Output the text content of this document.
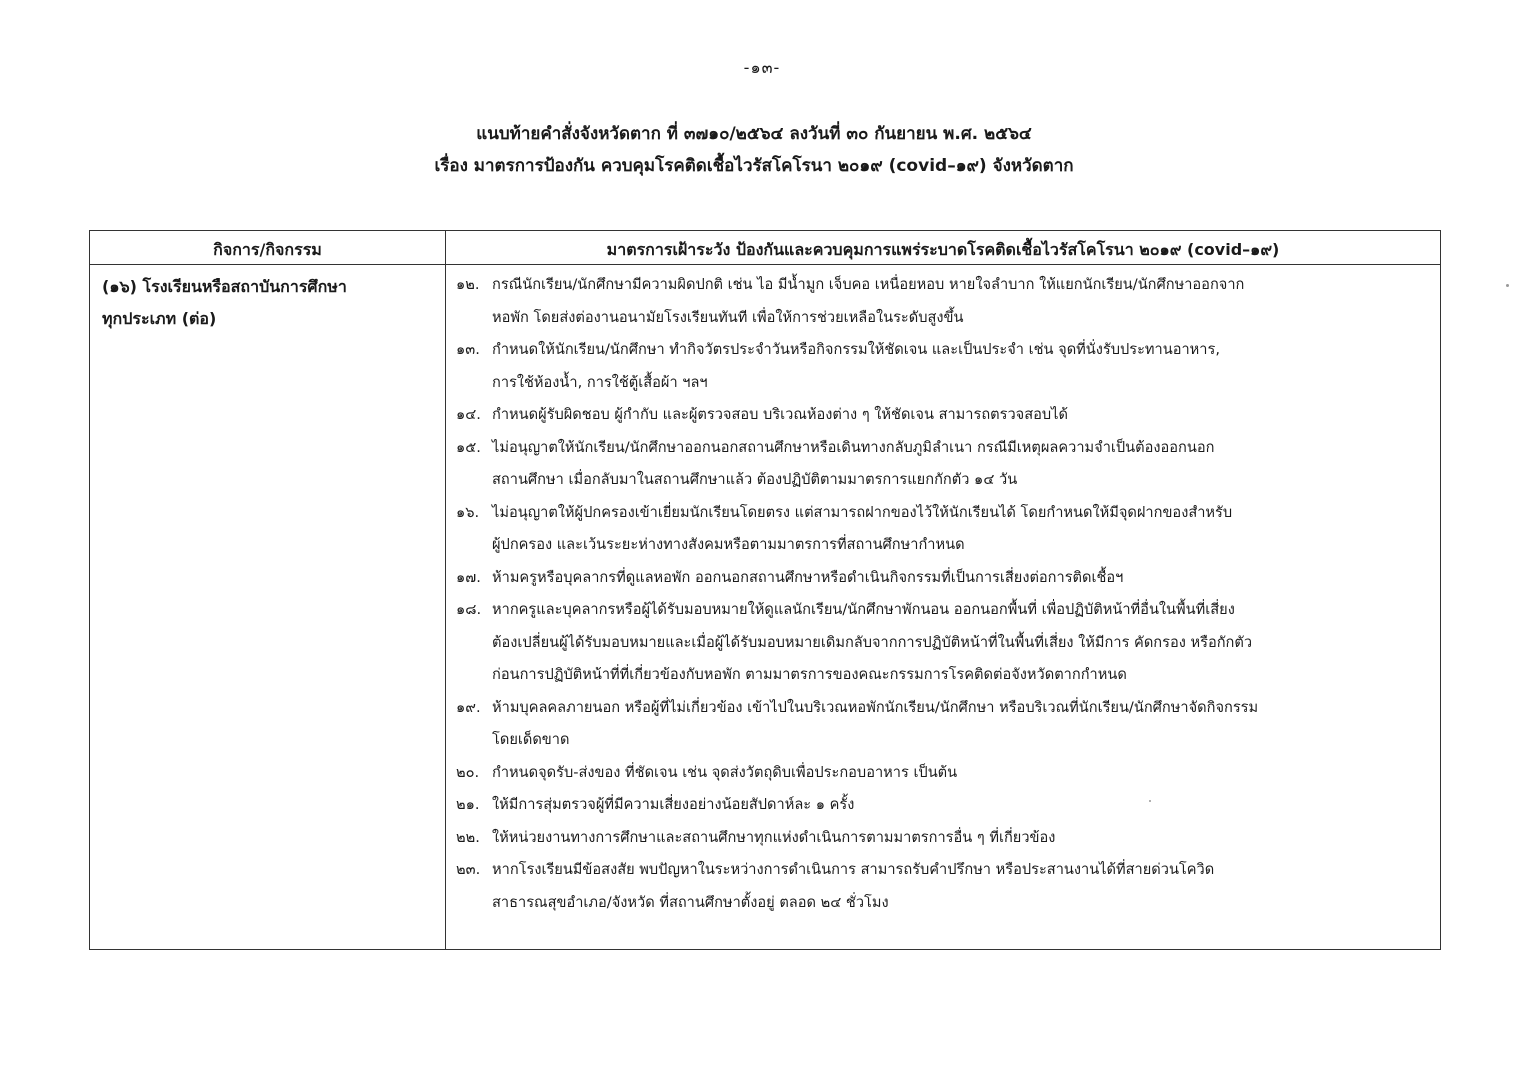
-๑๓-
แนบท้ายคำสั่งจังหวัดตาก ที่ ๓๗๑๐/๒๕๖๔ ลงวันที่ ๓๐ กันยายน พ.ศ. ๒๕๖๔
เรื่อง มาตรการป้องกัน ควบคุมโรคติดเชื้อไวรัสโคโรนา ๒๐๑๙ (covid–๑๙) จังหวัดตาก
กิจการ/กิจกรรม	มาตรการเฝ้าระวัง ป้องกันและควบคุมการแพร่ระบาดโรคติดเชื้อไวรัสโคโรนา ๒๐๑๙ (covid–๑๙)
(๑๖) โรงเรียนหรือสถาบันการศึกษา
ทุกประเภท (ต่อ)
๑๒. กรณีนักเรียน/นักศึกษามีความผิดปกติ เช่น ไอ มีน้ำมูก เจ็บคอ เหนื่อยหอบ หายใจลำบาก ให้แยกนักเรียน/นักศึกษาออกจาก
หอพัก โดยส่งต่องานอนามัยโรงเรียนทันที เพื่อให้การช่วยเหลือในระดับสูงขึ้น
๑๓. กำหนดให้นักเรียน/นักศึกษา ทำกิจวัตรประจำวันหรือกิจกรรมให้ชัดเจน และเป็นประจำ เช่น จุดที่นั่งรับประทานอาหาร,
การใช้ห้องน้ำ, การใช้ตู้เสื้อผ้า ฯลฯ
๑๔. กำหนดผู้รับผิดชอบ ผู้กำกับ และผู้ตรวจสอบ บริเวณห้องต่าง ๆ ให้ชัดเจน สามารถตรวจสอบได้
๑๕. ไม่อนุญาตให้นักเรียน/นักศึกษาออกนอกสถานศึกษาหรือเดินทางกลับภูมิลำเนา กรณีมีเหตุผลความจำเป็นต้องออกนอก
สถานศึกษา เมื่อกลับมาในสถานศึกษาแล้ว ต้องปฏิบัติตามมาตรการแยกกักตัว ๑๔ วัน
๑๖. ไม่อนุญาตให้ผู้ปกครองเข้าเยี่ยมนักเรียนโดยตรง แต่สามารถฝากของไว้ให้นักเรียนได้ โดยกำหนดให้มีจุดฝากของสำหรับ
ผู้ปกครอง และเว้นระยะห่างทางสังคมหรือตามมาตรการที่สถานศึกษากำหนด
๑๗. ห้ามครูหรือบุคลากรที่ดูแลหอพัก ออกนอกสถานศึกษาหรือดำเนินกิจกรรมที่เป็นการเสี่ยงต่อการติดเชื้อฯ
๑๘. หากครูและบุคลากรหรือผู้ได้รับมอบหมายให้ดูแลนักเรียน/นักศึกษาพักนอน ออกนอกพื้นที่ เพื่อปฏิบัติหน้าที่อื่นในพื้นที่เสี่ยง
ต้องเปลี่ยนผู้ได้รับมอบหมายและเมื่อผู้ได้รับมอบหมายเดิมกลับจากการปฏิบัติหน้าที่ในพื้นที่เสี่ยง ให้มีการ คัดกรอง หรือกักตัว
ก่อนการปฏิบัติหน้าที่ที่เกี่ยวข้องกับหอพัก ตามมาตรการของคณะกรรมการโรคติดต่อจังหวัดตากกำหนด
๑๙. ห้ามบุคลคลภายนอก หรือผู้ที่ไม่เกี่ยวข้อง เข้าไปในบริเวณหอพักนักเรียน/นักศึกษา หรือบริเวณที่นักเรียน/นักศึกษาจัดกิจกรรม
โดยเด็ดขาด
๒๐. กำหนดจุดรับ-ส่งของ ที่ชัดเจน เช่น จุดส่งวัตถุดิบเพื่อประกอบอาหาร เป็นต้น
๒๑. ให้มีการสุ่มตรวจผู้ที่มีความเสี่ยงอย่างน้อยสัปดาห์ละ ๑ ครั้ง
๒๒. ให้หน่วยงานทางการศึกษาและสถานศึกษาทุกแห่งดำเนินการตามมาตรการอื่น ๆ ที่เกี่ยวข้อง
๒๓. หากโรงเรียนมีข้อสงสัย พบปัญหาในระหว่างการดำเนินการ สามารถรับคำปรึกษา หรือประสานงานได้ที่สายด่วนโควิด
สาธารณสุขอำเภอ/จังหวัด ที่สถานศึกษาตั้งอยู่ ตลอด ๒๔ ชั่วโมง
